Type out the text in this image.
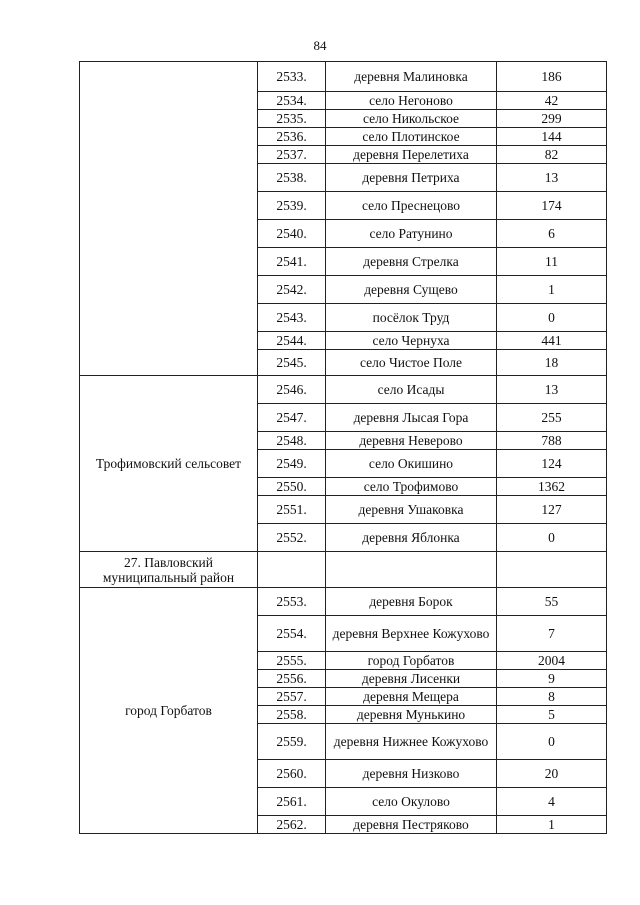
84
	2533.	деревня Малиновка	186
	2534.	село Негоново	42
	2535.	село Никольское	299
	2536.	село Плотинское	144
	2537.	деревня Перелетиха	82
	2538.	деревня Петриха	13
	2539.	село Преснецово	174
	2540.	село Ратунино	6
	2541.	деревня Стрелка	11
	2542.	деревня Сущево	1
	2543.	посёлок Труд	0
	2544.	село Чернуха	441
	2545.	село Чистое Поле	18
Трофимовский сельсовет	2546.	село Исады	13
	2547.	деревня Лысая Гора	255
	2548.	деревня Неверово	788
	2549.	село Окишино	124
	2550.	село Трофимово	1362
	2551.	деревня Ушаковка	127
	2552.	деревня Яблонка	0
27. Павловский муниципальный район			
город Горбатов	2553.	деревня Борок	55
	2554.	деревня Верхнее Кожухово	7
	2555.	город Горбатов	2004
	2556.	деревня Лисенки	9
	2557.	деревня Мещера	8
	2558.	деревня Мунькино	5
	2559.	деревня Нижнее Кожухово	0
	2560.	деревня Низково	20
	2561.	село Окулово	4
	2562.	деревня Пестряково	1
